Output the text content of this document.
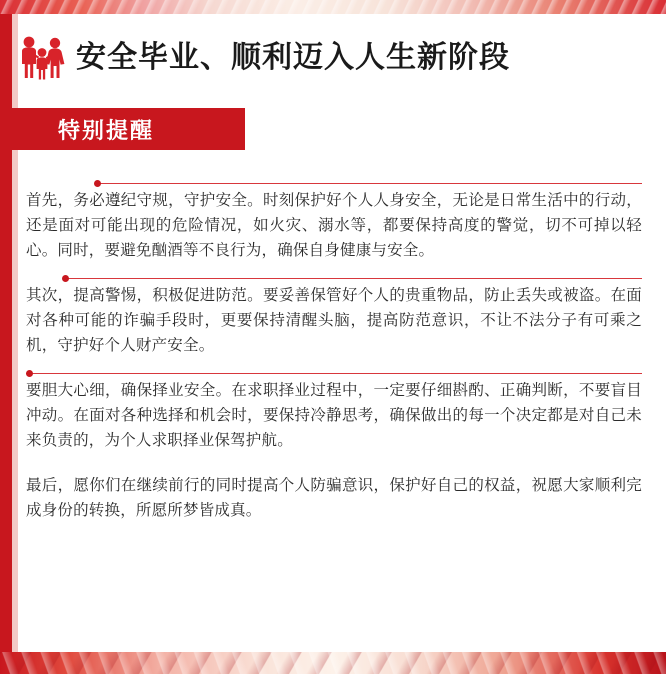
安全毕业、顺利迈入人生新阶段
特别提醒

首先，务必遵纪守规，守护安全。时刻保护好个人人身安全，无论是日常生活中的行动，还是面对可能出现的危险情况，如火灾、溺水等，都要保持高度的警觉，切不可掉以轻心。同时，要避免酗酒等不良行为，确保自身健康与安全。

其次，提高警惕，积极促进防范。要妥善保管好个人的贵重物品，防止丢失或被盗。在面对各种可能的诈骗手段时，更要保持清醒头脑，提高防范意识，不让不法分子有可乘之机，守护好个人财产安全。

要胆大心细，确保择业安全。在求职择业过程中，一定要仔细斟酌、正确判断，不要盲目冲动。在面对各种选择和机会时，要保持冷静思考，确保做出的每一个决定都是对自己未来负责的，为个人求职择业保驾护航。

最后，愿你们在继续前行的同时提高个人防骗意识，保护好自己的权益，祝愿大家顺利完成身份的转换，所愿所梦皆成真。
